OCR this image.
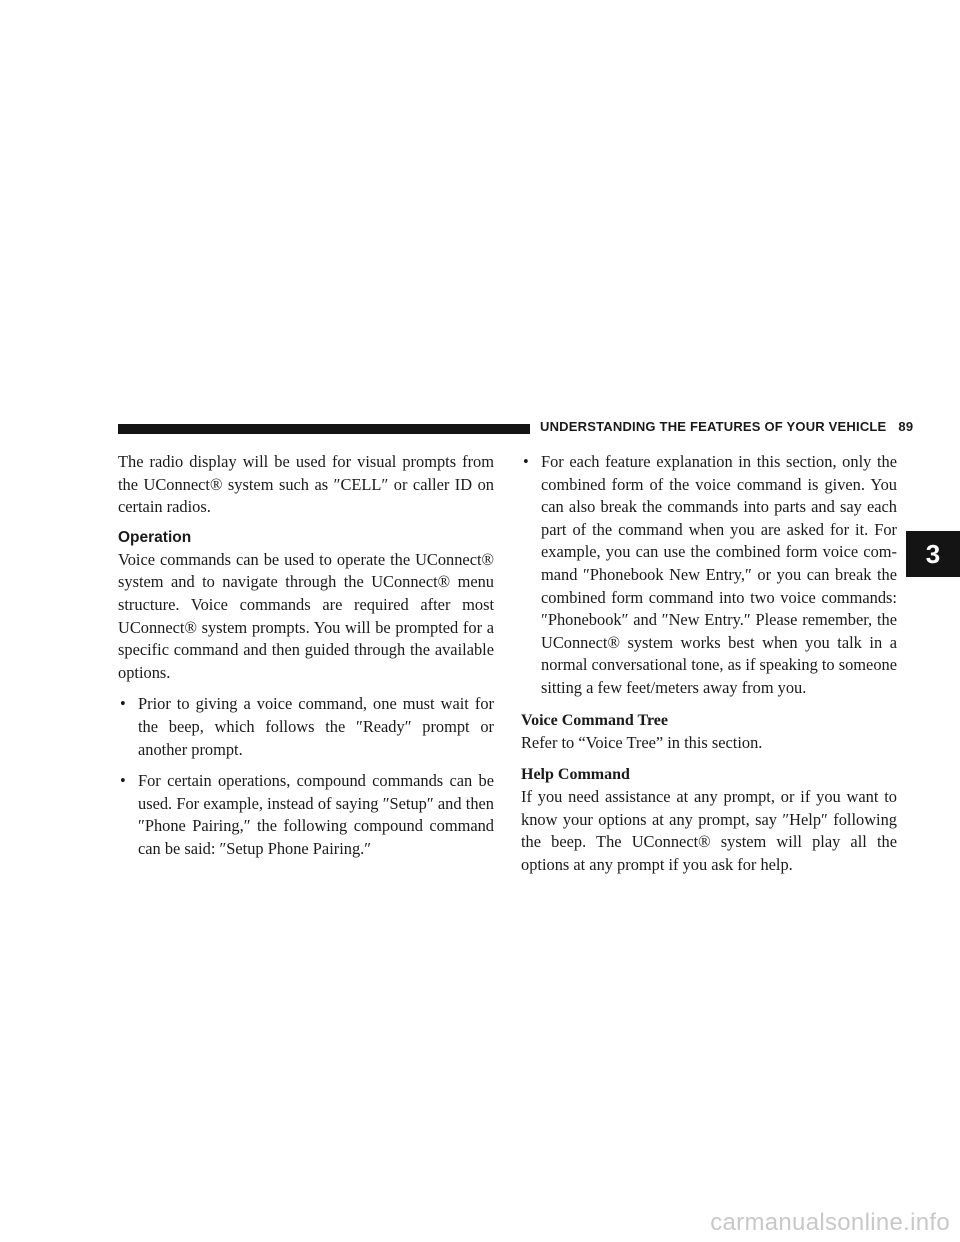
UNDERSTANDING THE FEATURES OF YOUR VEHICLE 89

The radio display will be used for visual prompts from the UConnect® system such as ″CELL″ or caller ID on certain radios.

Operation

Voice commands can be used to operate the UConnect® system and to navigate through the UConnect® menu structure. Voice commands are required after most UConnect® system prompts. You will be prompted for a specific command and then guided through the available options.

• Prior to giving a voice command, one must wait for the beep, which follows the ″Ready″ prompt or another prompt.
• For certain operations, compound commands can be used. For example, instead of saying ″Setup″ and then ″Phone Pairing,″ the following compound command can be said: ″Setup Phone Pairing.″
• For each feature explanation in this section, only the combined form of the voice command is given. You can also break the commands into parts and say each part of the command when you are asked for it. For example, you can use the combined form voice com-mand ″Phonebook New Entry,″ or you can break the combined form command into two voice commands: ″Phonebook″ and ″New Entry.″ Please remember, the UConnect® system works best when you talk in a normal conversational tone, as if speaking to someone sitting a few feet/meters away from you.
Voice Command Tree

Refer to “Voice Tree” in this section.

Help Command

If you need assistance at any prompt, or if you want to know your options at any prompt, say ″Help″ following the beep. The UConnect® system will play all the options at any prompt if you ask for help.

3
carmanualsonline.info
